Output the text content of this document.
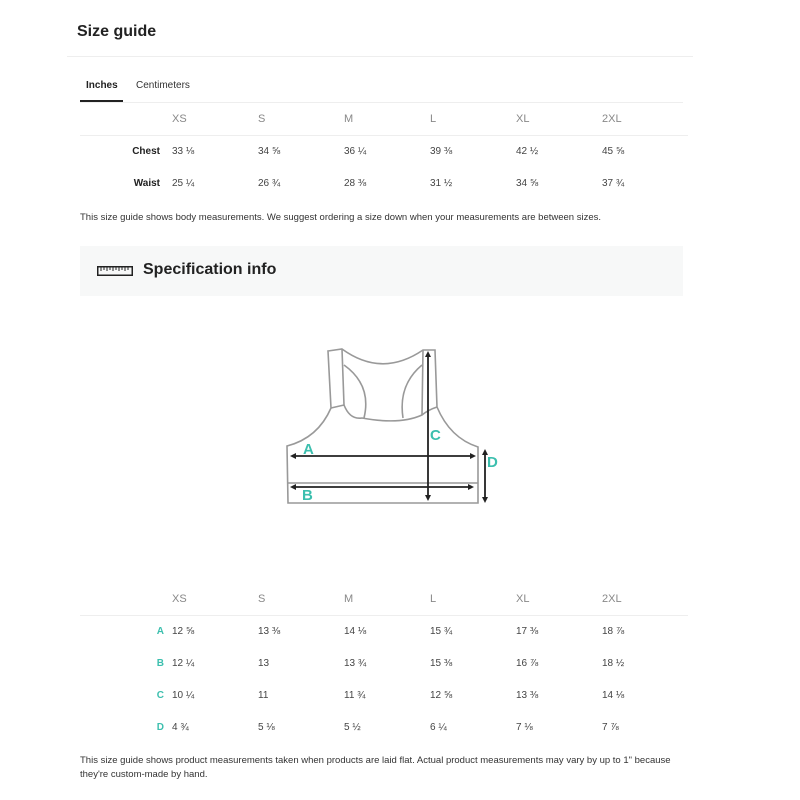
Size guide
Inches Centimeters
	XS	S	M	L	XL	2XL
Chest	33 ⅛	34 ⅝	36 ¼	39 ⅜	42 ½	45 ⅝
Waist	25 ¼	26 ¾	28 ⅜	31 ½	34 ⅝	37 ¾
This size guide shows body measurements. We suggest ordering a size down when your measurements are between sizes.
Specification info
A
B
C
D
	XS	S	M	L	XL	2XL
A	12 ⅝	13 ⅜	14 ⅛	15 ¾	17 ⅜	18 ⅞
B	12 ¼	13	13 ¾	15 ⅜	16 ⅞	18 ½
C	10 ¼	11	11 ¾	12 ⅝	13 ⅜	14 ⅛
D	4 ¾	5 ⅛	5 ½	6 ¼	7 ⅛	7 ⅞
This size guide shows product measurements taken when products are laid flat. Actual product measurements may vary by up to 1" because they're custom-made by hand.
